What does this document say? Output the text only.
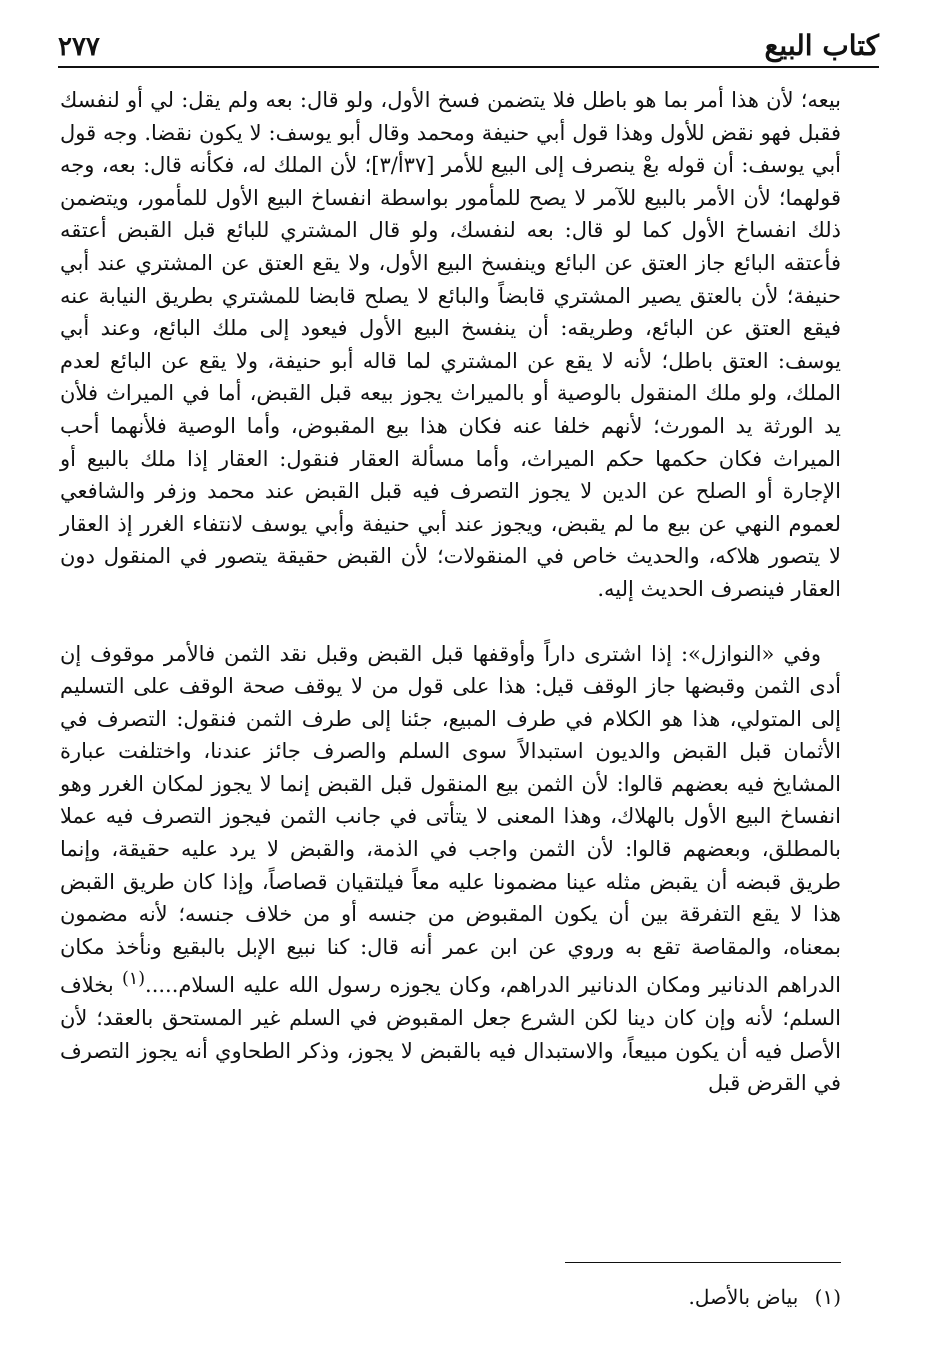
كتاب البيع
٢٧٧

بيعه؛ لأن هذا أمر بما هو باطل فلا يتضمن فسخ الأول، ولو قال: بعه ولم يقل: لي أو لنفسك فقبل فهو نقض للأول وهذا قول أبي حنيفة ومحمد وقال أبو يوسف: لا يكون نقضا. وجه قول أبي يوسف: أن قوله بعْ ينصرف إلى البيع للأمر [٣٧أ/٣]؛ لأن الملك له، فكأنه قال: بعه، وجه قولهما؛ لأن الأمر بالبيع للآمر لا يصح للمأمور بواسطة انفساخ البيع الأول للمأمور، ويتضمن ذلك انفساخ الأول كما لو قال: بعه لنفسك، ولو قال المشتري للبائع قبل القبض أعتقه فأعتقه البائع جاز العتق عن البائع وينفسخ البيع الأول، ولا يقع العتق عن المشتري عند أبي حنيفة؛ لأن بالعتق يصير المشتري قابضاً والبائع لا يصلح قابضا للمشتري بطريق النيابة عنه فيقع العتق عن البائع، وطريقه: أن ينفسخ البيع الأول فيعود إلى ملك البائع، وعند أبي يوسف: العتق باطل؛ لأنه لا يقع عن المشتري لما قاله أبو حنيفة، ولا يقع عن البائع لعدم الملك، ولو ملك المنقول بالوصية أو بالميراث يجوز بيعه قبل القبض، أما في الميراث فلأن يد الورثة يد المورث؛ لأنهم خلفا عنه فكان هذا بيع المقبوض، وأما الوصية فلأنهما أحب الميراث فكان حكمها حكم الميراث، وأما مسألة العقار فنقول: العقار إذا ملك بالبيع أو الإجارة أو الصلح عن الدين لا يجوز التصرف فيه قبل القبض عند محمد وزفر والشافعي لعموم النهي عن بيع ما لم يقبض، ويجوز عند أبي حنيفة وأبي يوسف لانتفاء الغرر إذ العقار لا يتصور هلاكه، والحديث خاص في المنقولات؛ لأن القبض حقيقة يتصور في المنقول دون العقار فينصرف الحديث إليه.

وفي «النوازل»: إذا اشترى داراً وأوقفها قبل القبض وقبل نقد الثمن فالأمر موقوف إن أدى الثمن وقبضها جاز الوقف قيل: هذا على قول من لا يوقف صحة الوقف على التسليم إلى المتولي، هذا هو الكلام في طرف المبيع، جئنا إلى طرف الثمن فنقول: التصرف في الأثمان قبل القبض والديون استبدالاً سوى السلم والصرف جائز عندنا، واختلفت عبارة المشايخ فيه بعضهم قالوا: لأن الثمن بيع المنقول قبل القبض إنما لا يجوز لمكان الغرر وهو انفساخ البيع الأول بالهلاك، وهذا المعنى لا يتأتى في جانب الثمن فيجوز التصرف فيه عملا بالمطلق، وبعضهم قالوا: لأن الثمن واجب في الذمة، والقبض لا يرد عليه حقيقة، وإنما طريق قبضه أن يقبض مثله عينا مضمونا عليه معاً فيلتقيان قصاصاً، وإذا كان طريق القبض هذا لا يقع التفرقة بين أن يكون المقبوض من جنسه أو من خلاف جنسه؛ لأنه مضمون بمعناه، والمقاصة تقع به وروي عن ابن عمر أنه قال: كنا نبيع الإبل بالبقيع ونأخذ مكان الدراهم الدنانير ومكان الدنانير الدراهم، وكان يجوزه رسول الله عليه السلام.....$^{(١)}$ بخلاف السلم؛ لأنه وإن كان دينا لكن الشرع جعل المقبوض في السلم غير المستحق بالعقد؛ لأن الأصل فيه أن يكون مبيعاً، والاستبدال فيه بالقبض لا يجوز، وذكر الطحاوي أنه يجوز التصرف في القرض قبل

(١) بياض بالأصل.
